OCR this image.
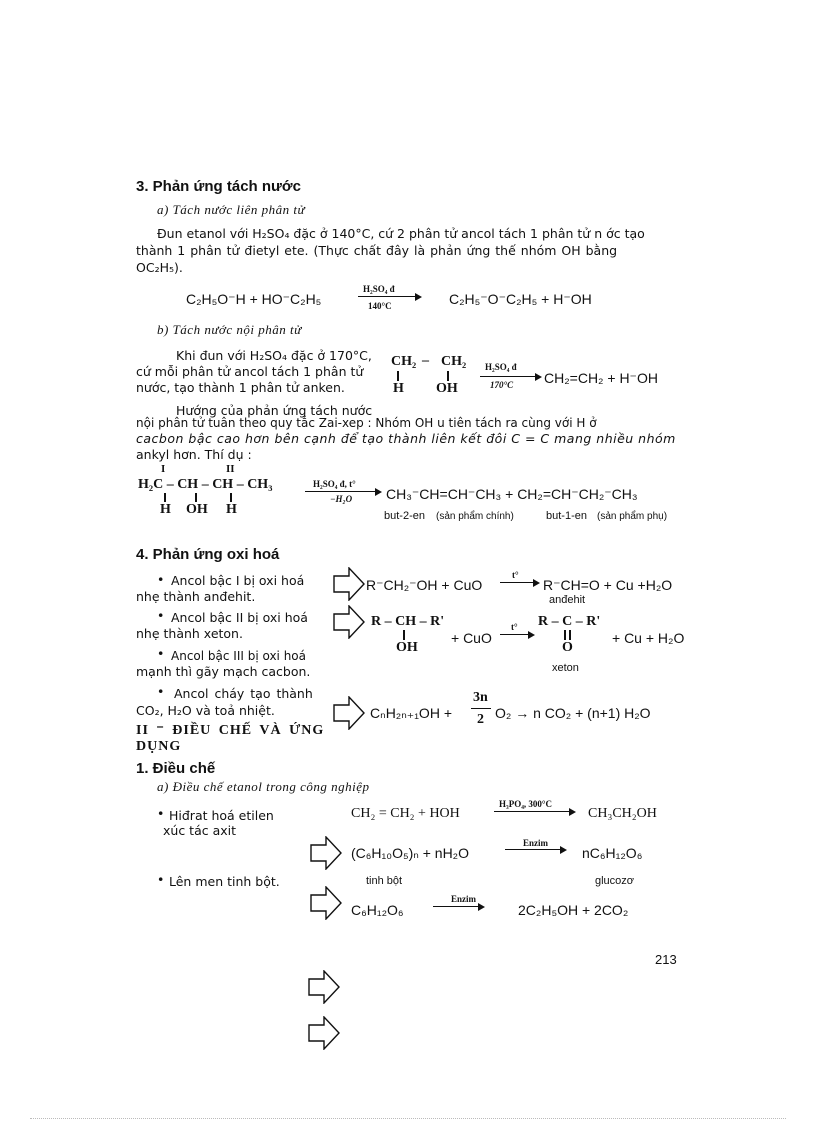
3. Phản ứng tách nước
a) Tách nước liên phân tử
Đun etanol với H₂SO₄ đặc ở 140°C, cứ 2 phân tử ancol tách 1 phân tử n ớc tạo
thành 1 phân tử đietyl ete. (Thực chất đây là phản ứng thế nhóm OH bằng
OC₂H₅).
C₂H₅O⁻H + HO⁻C₂H₅
H₂SO₄ đ
140°C	C₂H₅⁻O⁻C₂H₅ + H⁻OH
b) Tách nước nội phân tử
Khi đun với H₂SO₄ đặc ở 170°C,
cứ mỗi phân tử ancol tách 1 phân tử
nước, tạo thành 1 phân tử anken.
CH₂ – CH₂
H OH
H₂SO₄ đ
170°C CH₂=CH₂ + H⁻OH
Hướng của phản ứng tách nước
nội phân tử tuân theo quy tắc Zai-xep : Nhóm OH u tiên tách ra cùng với H ở
cacbon bậc cao hơn bên cạnh để tạo thành liên kết đôi C = C mang nhiều nhóm
ankyl hơn. Thí dụ :
I	II
H₂C – CH – CH – CH₃
H OH H
H₂SO₄ đ, t°
−H₂O CH₃⁻CH=CH⁻CH₃ + CH₂=CH⁻CH₂⁻CH₃
but-2-en (sản phẩm chính)	but-1-en (sản phẩm phụ)
4. Phản ứng oxi hoá
• Ancol bậc I bị oxi hoá
nhẹ thành anđehit.
R⁻CH₂⁻OH + CuO
t°
R⁻CH=O + Cu +H₂O
anđehit
• Ancol bậc II bị oxi hoá
nhẹ thành xeton.
R – CH – R'
OH
+ CuO
t° R – C – R'
O
+ Cu + H₂O
xeton
• Ancol bậc III bị oxi hoá
mạnh thì gãy mạch cacbon.
• Ancol cháy tạo thành
CO₂, H₂O và toả nhiệt.	CₙH₂ₙ₊₁OH +
3n
2 O₂ → n CO₂ + (n+1) H₂O
II ⁻ ĐIỀU CHẾ VÀ ỨNG
DỤNG
1. Điều chế
a) Điều chế etanol trong công nghiệp
• Hiđrat hoá etilen
xúc tác axit
CH₂ = CH₂ + HOH
H₃PO₄, 300°C
CH₃CH₂OH
(C₆H₁₀O₅)ₙ + nH₂O
Enzim
nC₆H₁₂O₆
tinh bột	glucozơ
• Lên men tinh bột.
C₆H₁₂O₆
Enzim
2C₂H₅OH + 2CO₂
213
